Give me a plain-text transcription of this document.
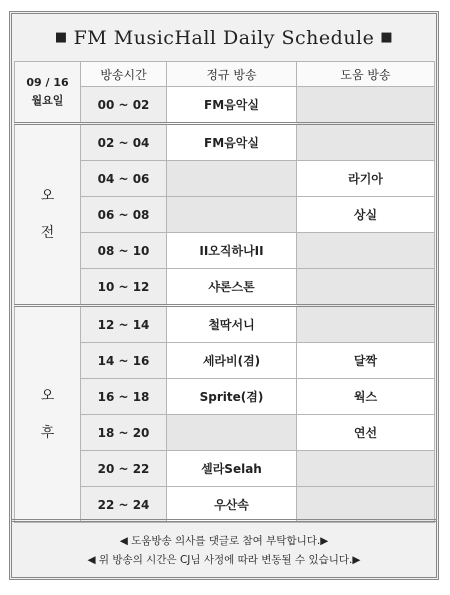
■ FM MusicHall Daily Schedule ■
09 / 16
월요일	방송시간	정규 방송	도움 방송
	00 ~ 02	FM음악실	

오
전	02 ~ 04	FM음악실	
	04 ~ 06		라기아
	06 ~ 08		상실
	08 ~ 10	II오직하나II	
	10 ~ 12	샤론스톤	

오
후	12 ~ 14	철딱서니	
	14 ~ 16	세라비(겸)	달짝
	16 ~ 18	Sprite(겸)	웍스
	18 ~ 20		연선
	20 ~ 22	셀라Selah	
	22 ~ 24	우산속	
◀ 도움방송 의사를 댓글로 참여 부탁합니다.▶
◀ 위 방송의 시간은 CJ님 사정에 따라 변동될 수 있습니다.▶
